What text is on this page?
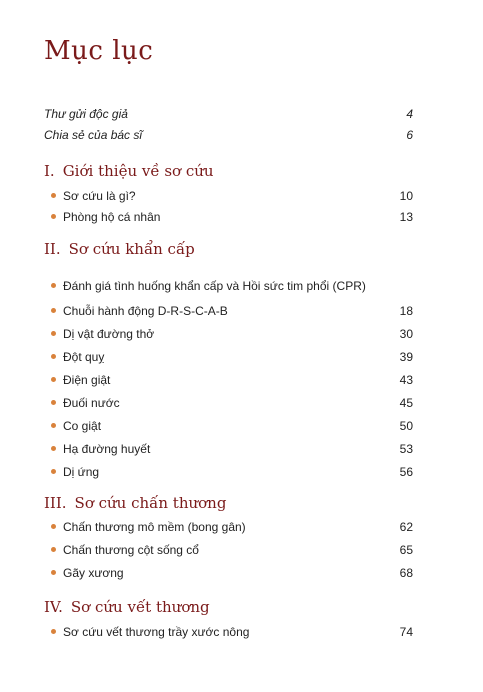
Mục lục
Thư gửi độc giả	4
Chia sẻ của bác sĩ	6
I. Giới thiệu về sơ cứu
Sơ cứu là gì?	10
Phòng hộ cá nhân	13
II. Sơ cứu khẩn cấp
Đánh giá tình huống khẩn cấp và Hồi sức tim phổi (CPR)
Chuỗi hành động D-R-S-C-A-B	18
Dị vật đường thở	30
Đột quỵ	39
Điện giật	43
Đuối nước	45
Co giật	50
Hạ đường huyết	53
Dị ứng	56
III. Sơ cứu chấn thương
Chấn thương mô mềm (bong gân)	62
Chấn thương cột sống cổ	65
Gãy xương	68
IV. Sơ cứu vết thương
Sơ cứu vết thương trầy xước nông	74
